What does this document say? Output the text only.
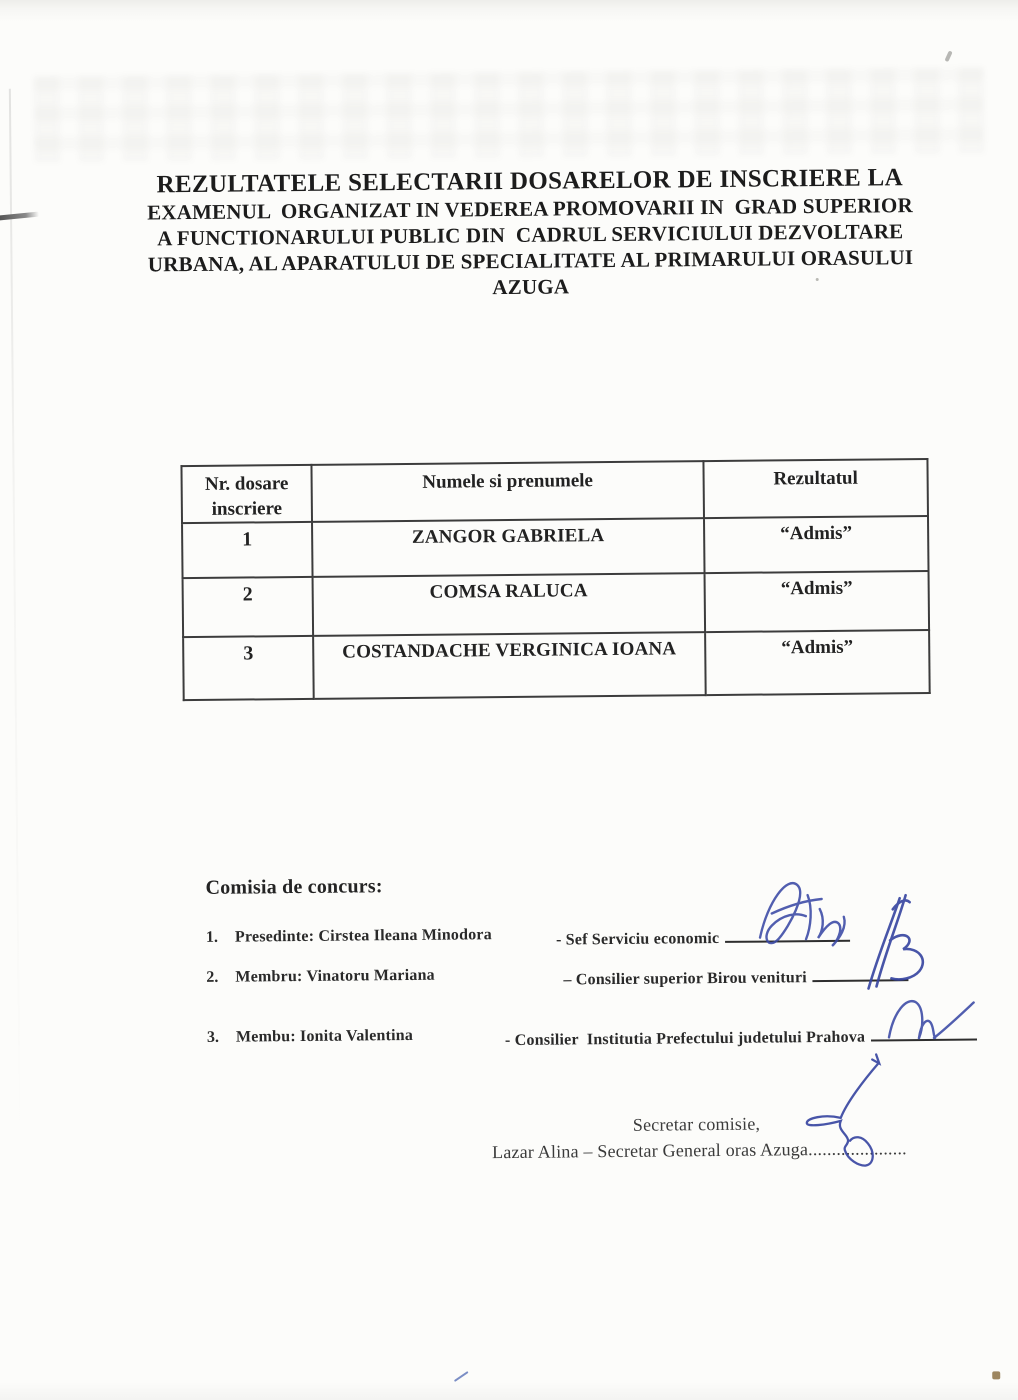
REZULTATELE SELECTARII DOSARELOR DE INSCRIERE LA
EXAMENUL  ORGANIZAT IN VEDEREA PROMOVARII IN  GRAD SUPERIOR
A FUNCTIONARULUI PUBLIC DIN  CADRUL SERVICIULUI DEZVOLTARE
URBANA, AL APARATULUI DE SPECIALITATE AL PRIMARULUI ORASULUI
AZUGA
Nr. dosare inscriere	Numele si prenumele	Rezultatul
1	ZANGOR GABRIELA	“Admis”
2	COMSA RALUCA	“Admis”
3	COSTANDACHE VERGINICA IOANA	“Admis”
Comisia de concurs:
1. Presedinte: Cirstea Ileana Minodora	- Sef Serviciu economic
2. Membru: Vinatoru Mariana	– Consilier superior Birou venituri
3. Membu: Ionita Valentina	- Consilier  Institutia Prefectului judetului Prahova
Secretar comisie,
Lazar Alina – Secretar General oras Azuga.....................
